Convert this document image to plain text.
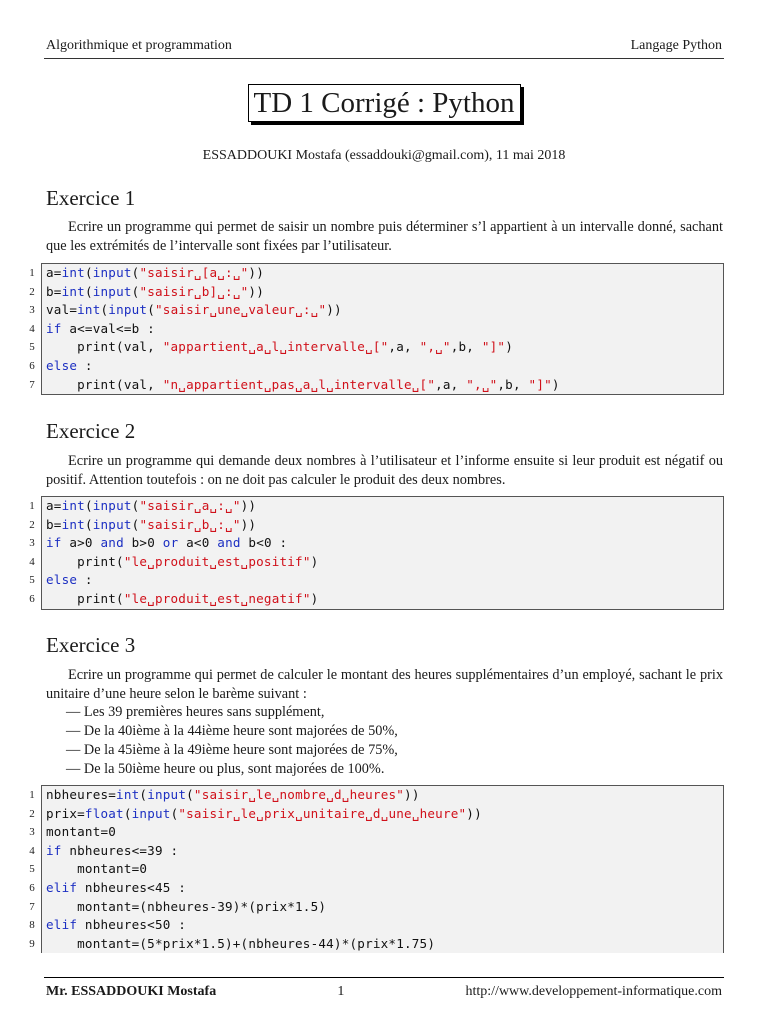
Algorithmique et programmation	Langage Python
TD 1 Corrigé : Python
ESSADDOUKI Mostafa (essaddouki@gmail.com), 11 mai 2018
Exercice 1
Ecrire un programme qui permet de saisir un nombre puis déterminer s’l appartient à un intervalle donné, sachant que les extrémités de l’intervalle sont fixées par l’utilisateur.
1 a=int(input("saisir␣[a␣:␣"))
2 b=int(input("saisir␣b]␣:␣"))
3 val=int(input("saisir␣une␣valeur␣:␣"))
4 if a<=val<=b :
5 print(val, "appartient␣a␣l␣intervalle␣[",a, ",␣",b, "]")
6 else :
7 print(val, "n␣appartient␣pas␣a␣l␣intervalle␣[",a, ",␣",b, "]")
Exercice 2
Ecrire un programme qui demande deux nombres à l’utilisateur et l’informe ensuite si leur produit est négatif ou positif. Attention toutefois : on ne doit pas calculer le produit des deux nombres.
1 a=int(input("saisir␣a␣:␣"))
2 b=int(input("saisir␣b␣:␣"))
3 if a>0 and b>0 or a<0 and b<0 :
4 print("le␣produit␣est␣positif")
5 else :
6 print("le␣produit␣est␣negatif")
Exercice 3
Ecrire un programme qui permet de calculer le montant des heures supplémentaires d’un employé, sachant le prix unitaire d’une heure selon le barème suivant :
— Les 39 premières heures sans supplément,
— De la 40ième à la 44ième heure sont majorées de 50%,
— De la 45ième à la 49ième heure sont majorées de 75%,
— De la 50ième heure ou plus, sont majorées de 100%.
1 nbheures=int(input("saisir␣le␣nombre␣d␣heures"))
2 prix=float(input("saisir␣le␣prix␣unitaire␣d␣une␣heure"))
3 montant=0
4 if nbheures<=39 :
5 montant=0
6 elif nbheures<45 :
7 montant=(nbheures-39)*(prix*1.5)
8 elif nbheures<50 :
9 montant=(5*prix*1.5)+(nbheures-44)*(prix*1.75)
Mr. ESSADDOUKI Mostafa	1	http://www.developpement-informatique.com
